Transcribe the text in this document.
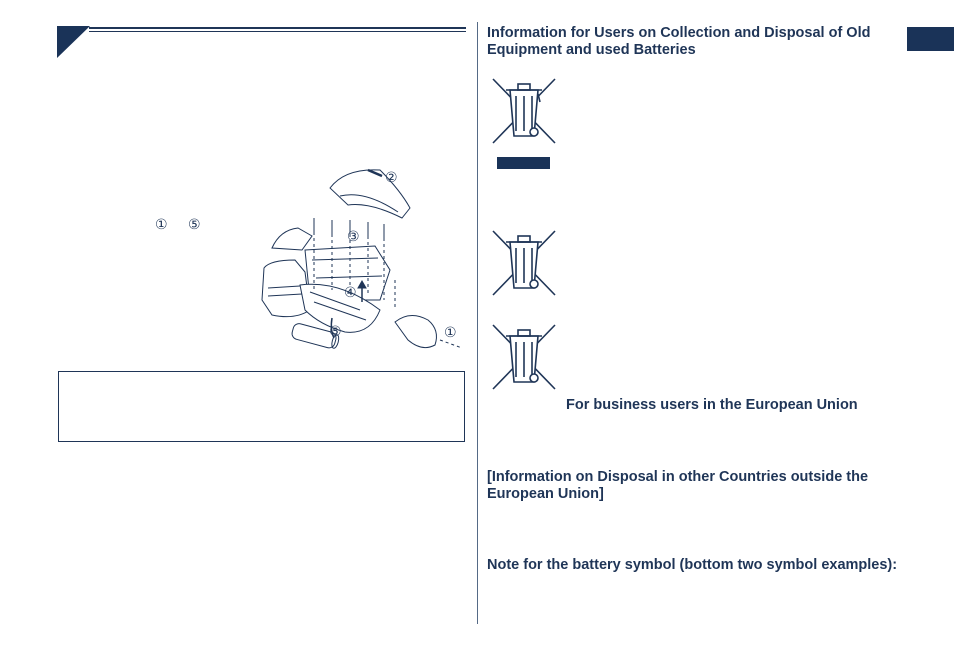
① ⑤
②
③
④
⑤	①
Information for Users on Collection and Disposal of Old
Equipment and used Batteries
For business users in the European Union
[Information on Disposal in other Countries outside the
European Union]
Note for the battery symbol (bottom two symbol examples):
